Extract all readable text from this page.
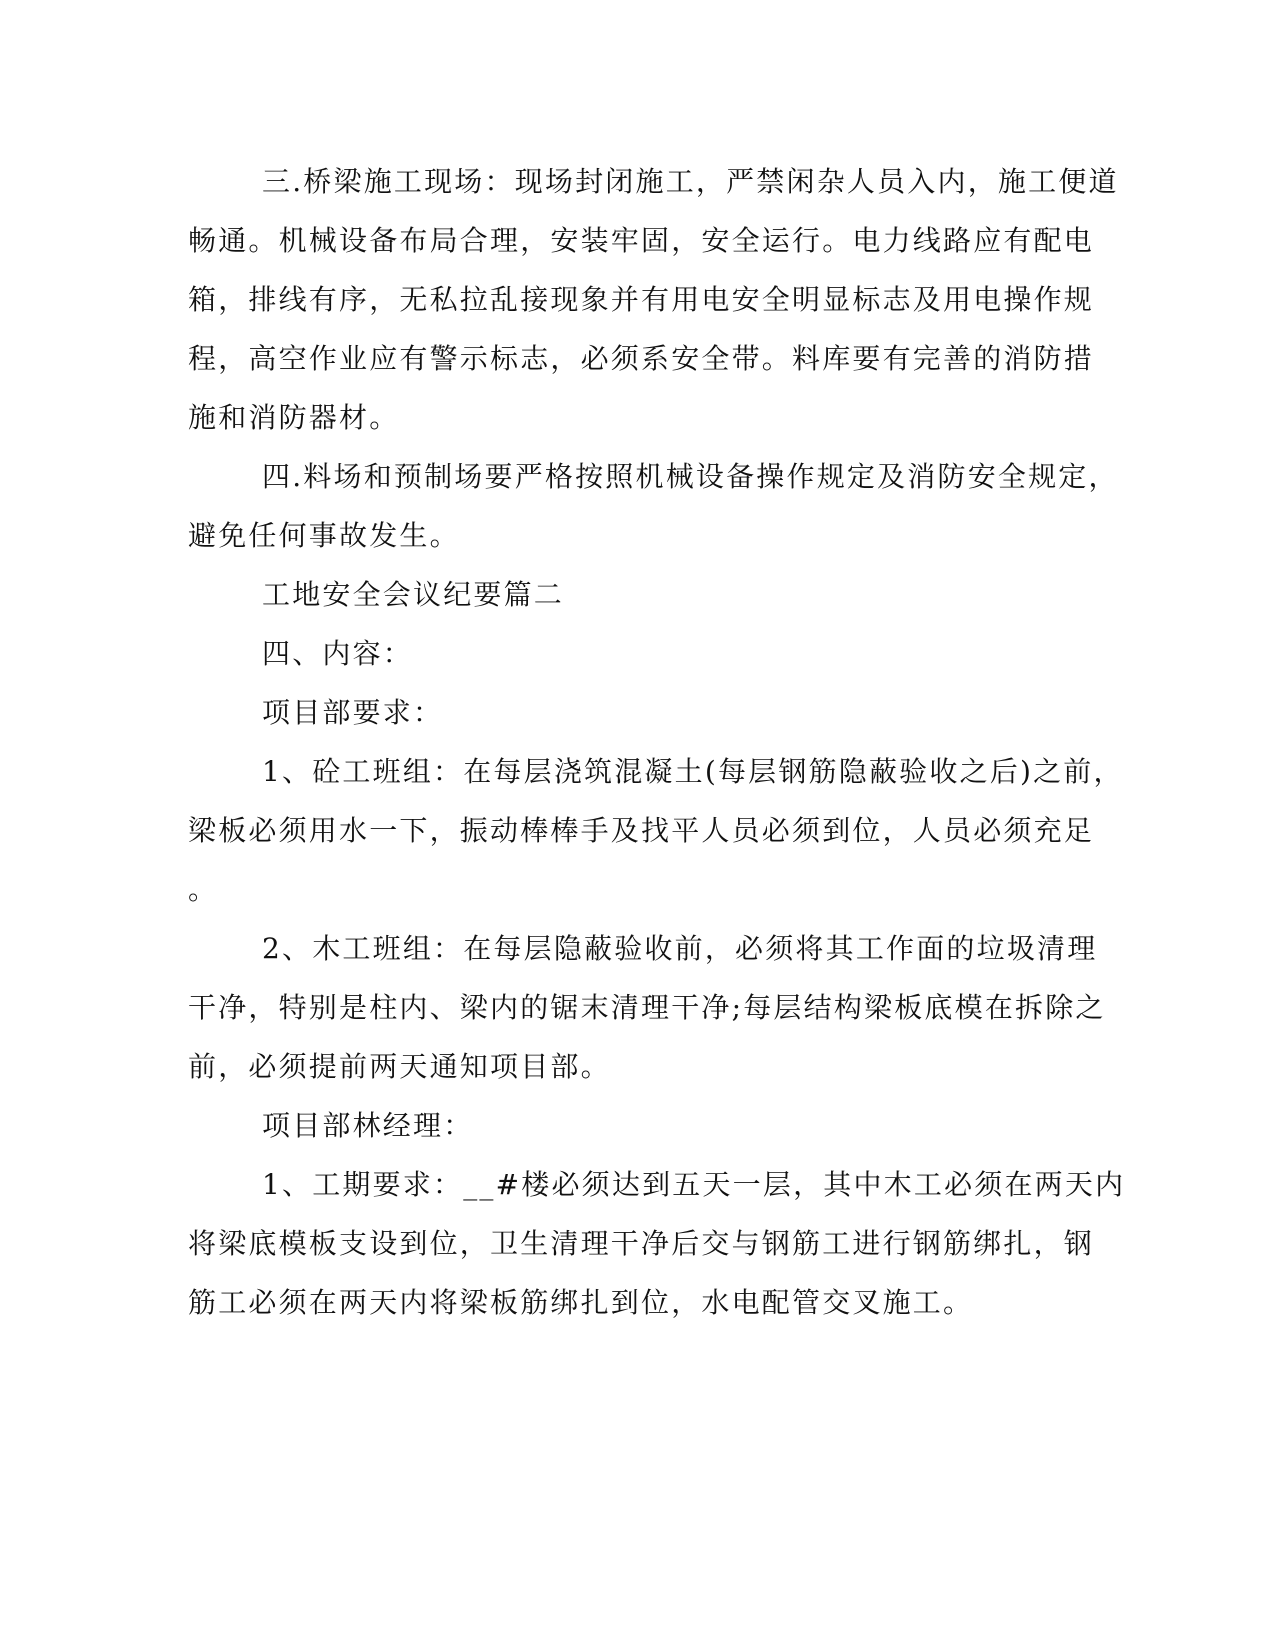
三.桥梁施工现场：现场封闭施工，严禁闲杂人员入内，施工便道
畅通。机械设备布局合理，安装牢固，安全运行。电力线路应有配电
箱，排线有序，无私拉乱接现象并有用电安全明显标志及用电操作规
程，高空作业应有警示标志，必须系安全带。料库要有完善的消防措
施和消防器材。
四.料场和预制场要严格按照机械设备操作规定及消防安全规定，
避免任何事故发生。
工地安全会议纪要篇二
四、内容：
项目部要求：
1、砼工班组：在每层浇筑混凝土(每层钢筋隐蔽验收之后)之前，
梁板必须用水一下，振动棒棒手及找平人员必须到位，人员必须充足
。
2、木工班组：在每层隐蔽验收前，必须将其工作面的垃圾清理
干净，特别是柱内、梁内的锯末清理干净;每层结构梁板底模在拆除之
前，必须提前两天通知项目部。
项目部林经理：
1、工期要求：__#楼必须达到五天一层，其中木工必须在两天内
将梁底模板支设到位，卫生清理干净后交与钢筋工进行钢筋绑扎，钢
筋工必须在两天内将梁板筋绑扎到位，水电配管交叉施工。
